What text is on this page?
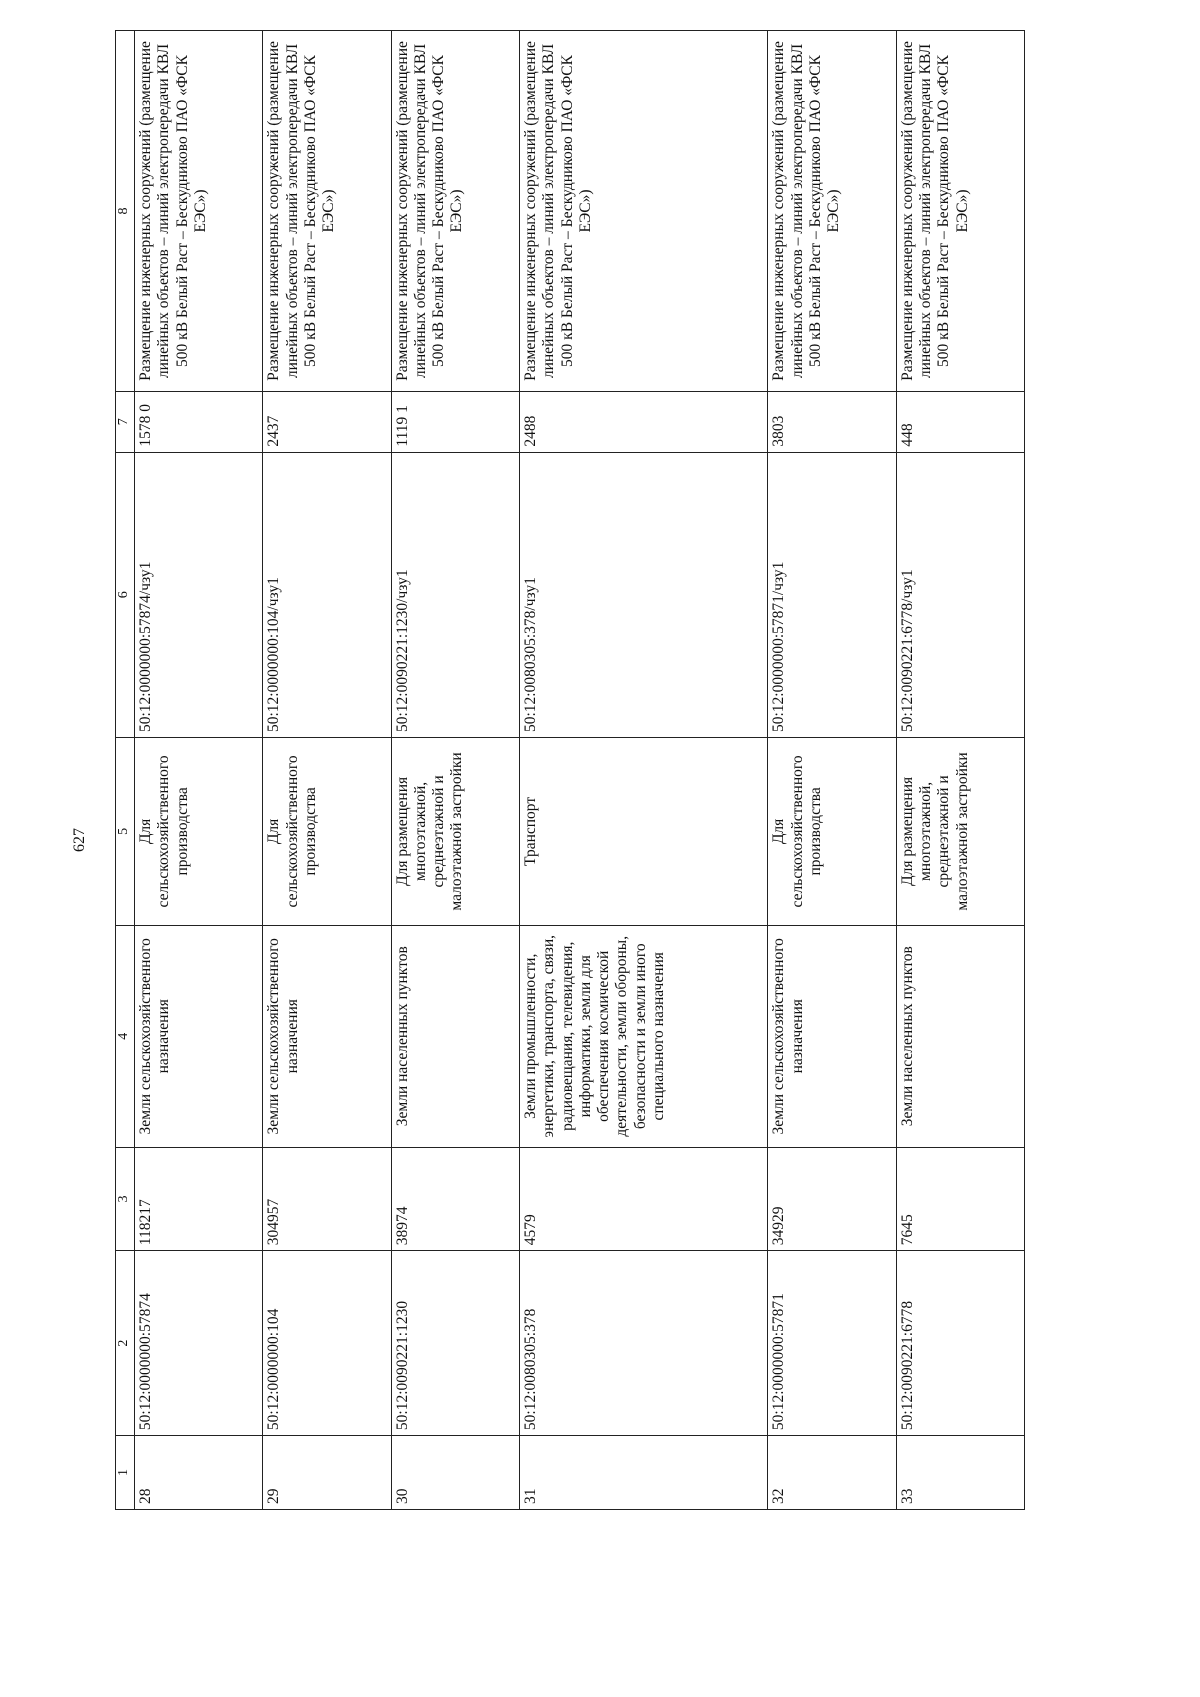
627
1	2	3	4	5	6	7	8
28	50:12:0000000:57874	118217	Земли сельскохозяйственного назначения	Для сельскохозяйственного производства	50:12:0000000:57874/чзу1	1578 0	Размещение инженерных сооружений (размещение линейных объектов – линий электропередачи КВЛ 500 кВ Белый Раст – Бескудниково ПАО «ФСК ЕЭС»)
29	50:12:0000000:104	304957	Земли сельскохозяйственного назначения	Для сельскохозяйственного производства	50:12:0000000:104/чзу1	2437	Размещение инженерных сооружений (размещение линейных объектов – линий электропередачи КВЛ 500 кВ Белый Раст – Бескудниково ПАО «ФСК ЕЭС»)
30	50:12:0090221:1230	38974	Земли населенных пунктов	Для размещения многоэтажной, среднеэтажной и малоэтажной застройки	50:12:0090221:1230/чзу1	1119 1	Размещение инженерных сооружений (размещение линейных объектов – линий электропередачи КВЛ 500 кВ Белый Раст – Бескудниково ПАО «ФСК ЕЭС»)
31	50:12:0080305:378	4579	Земли промышленности, энергетики, транспорта, связи, радиовещания, телевидения, информатики, земли для обеспечения космической деятельности, земли обороны, безопасности и земли иного специального назначения	Транспорт	50:12:0080305:378/чзу1	2488	Размещение инженерных сооружений (размещение линейных объектов – линий электропередачи КВЛ 500 кВ Белый Раст – Бескудниково ПАО «ФСК ЕЭС»)
32	50:12:0000000:57871	34929	Земли сельскохозяйственного назначения	Для сельскохозяйственного производства	50:12:0000000:57871/чзу1	3803	Размещение инженерных сооружений (размещение линейных объектов – линий электропередачи КВЛ 500 кВ Белый Раст – Бескудниково ПАО «ФСК ЕЭС»)
33	50:12:0090221:6778	7645	Земли населенных пунктов	Для размещения многоэтажной, среднеэтажной и малоэтажной застройки	50:12:0090221:6778/чзу1	448	Размещение инженерных сооружений (размещение линейных объектов – линий электропередачи КВЛ 500 кВ Белый Раст – Бескудниково ПАО «ФСК ЕЭС»)
